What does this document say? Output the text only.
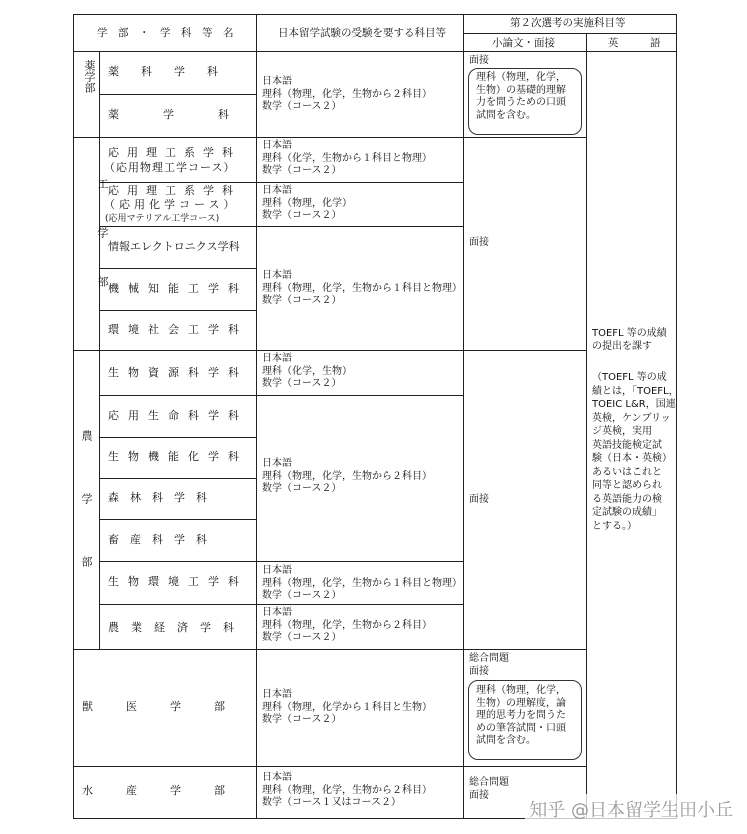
学　部　・　学　科　等　名	日本留学試験の受験を要する科目等
第２次選考の実施科目等
小論文・面接	英　　　語
薬学部
工学部
農学部
薬　　科　　学　　科
薬　　　　学　　　　科
応用理工系学科
（応用物理工学コース）
応用理工系学科
（応用化学コース）
(応用マテリアル工学コース)
情報エレクトロニクス学科
機械知能工学科
環境社会工学科
生物資源科学科
応用生命科学科
生物機能化学科
森　林　科　学　科
畜　産　科　学　科
生物環境工学科
農業経済学科
獣　　　医　　　学　　　部
水　　　産　　　学　　　部
日本語
理科（物理，化学，生物から２科目）
数学（コース２）
日本語
理科（化学，生物から１科目と物理）
数学（コース２）
日本語
理科（物理，化学）
数学（コース２）
日本語
理科（物理，化学，生物から１科目と物理）
数学（コース２）
日本語
理科（化学，生物）
数学（コース２）
日本語
理科（物理，化学，生物から２科目）
数学（コース２）
日本語
理科（物理，化学，生物から１科目と物理）
数学（コース２）
日本語
理科（物理，化学，生物から２科目）
数学（コース２）
日本語
理科（物理，化学から１科目と生物）
数学（コース２）
日本語
理科（物理，化学，生物から２科目）
数学（コース１又はコース２）
面接
理科（物理，化学，
生物）の基礎的理解
力を問うための口頭
試問を含む。
面接
面接
総合問題
面接
理科（物理，化学，
生物）の理解度，論
理的思考力を問うた
めの筆答試問・口頭
試問を含む。
総合問題
面接
TOEFL 等の成績
の提出を課す
（TOEFL 等の成
績とは，「TOEFL，
TOEIC L&R，国連
英検，ケンブリッ
ジ英検，実用
英語技能検定試
験（日本・英検）
あるいはこれと
同等と認められ
る英語能力の検
定試験の成績」
とする。）
知乎 @日本留学生田小丘
